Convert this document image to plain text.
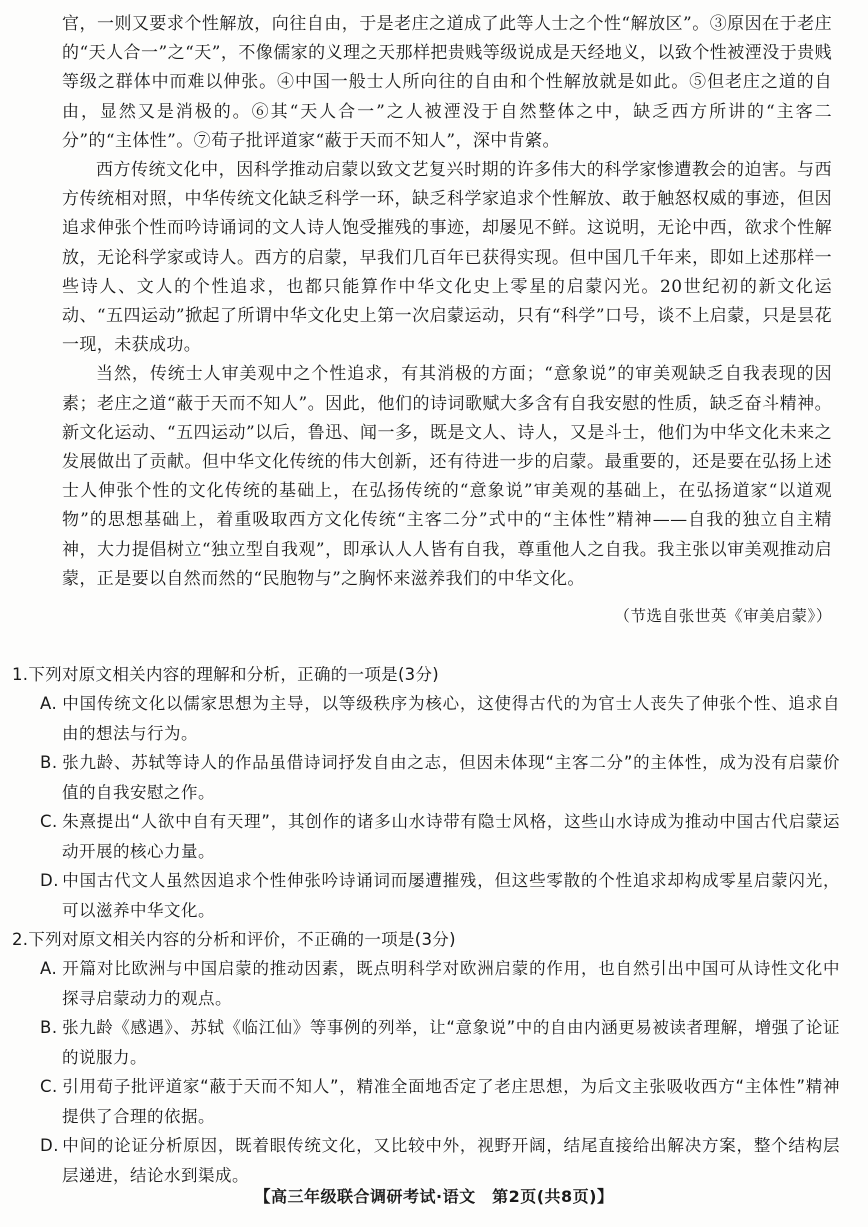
官，一则又要求个性解放，向往自由，于是老庄之道成了此等人士之个性“解放区”。③原因在于老庄的“天人合一”之“天”，不像儒家的义理之天那样把贵贱等级说成是天经地义，以致个性被湮没于贵贱等级之群体中而难以伸张。④中国一般士人所向往的自由和个性解放就是如此。⑤但老庄之道的自由，显然又是消极的。⑥其“天人合一”之人被湮没于自然整体之中，缺乏西方所讲的“主客二分”的“主体性”。⑦荀子批评道家“蔽于天而不知人”，深中肯綮。

西方传统文化中，因科学推动启蒙以致文艺复兴时期的许多伟大的科学家惨遭教会的迫害。与西方传统相对照，中华传统文化缺乏科学一环，缺乏科学家追求个性解放、敢于触怒权威的事迹，但因追求伸张个性而吟诗诵词的文人诗人饱受摧残的事迹，却屡见不鲜。这说明，无论中西，欲求个性解放，无论科学家或诗人。西方的启蒙，早我们几百年已获得实现。但中国几千年来，即如上述那样一些诗人、文人的个性追求，也都只能算作中华文化史上零星的启蒙闪光。20世纪初的新文化运动、“五四运动”掀起了所谓中华文化史上第一次启蒙运动，只有“科学”口号，谈不上启蒙，只是昙花一现，未获成功。

当然，传统士人审美观中之个性追求，有其消极的方面；“意象说”的审美观缺乏自我表现的因素；老庄之道“蔽于天而不知人”。因此，他们的诗词歌赋大多含有自我安慰的性质，缺乏奋斗精神。新文化运动、“五四运动”以后，鲁迅、闻一多，既是文人、诗人，又是斗士，他们为中华文化未来之发展做出了贡献。但中华文化传统的伟大创新，还有待进一步的启蒙。最重要的，还是要在弘扬上述士人伸张个性的文化传统的基础上，在弘扬传统的“意象说”审美观的基础上，在弘扬道家“以道观物”的思想基础上，着重吸取西方文化传统“主客二分”式中的“主体性”精神——自我的独立自主精神，大力提倡树立“独立型自我观”，即承认人人皆有自我，尊重他人之自我。我主张以审美观推动启蒙，正是要以自然而然的“民胞物与”之胸怀来滋养我们的中华文化。

（节选自张世英《审美启蒙》）

1.下列对原文相关内容的理解和分析，正确的一项是(3分)

A. 中国传统文化以儒家思想为主导，以等级秩序为核心，这使得古代的为官士人丧失了伸张个性、追求自由的想法与行为。

B. 张九龄、苏轼等诗人的作品虽借诗词抒发自由之志，但因未体现“主客二分”的主体性，成为没有启蒙价值的自我安慰之作。

C. 朱熹提出“人欲中自有天理”，其创作的诸多山水诗带有隐士风格，这些山水诗成为推动中国古代启蒙运动开展的核心力量。

D. 中国古代文人虽然因追求个性伸张吟诗诵词而屡遭摧残，但这些零散的个性追求却构成零星启蒙闪光，可以滋养中华文化。

2.下列对原文相关内容的分析和评价，不正确的一项是(3分)

A. 开篇对比欧洲与中国启蒙的推动因素，既点明科学对欧洲启蒙的作用，也自然引出中国可从诗性文化中探寻启蒙动力的观点。

B. 张九龄《感遇》、苏轼《临江仙》等事例的列举，让“意象说”中的自由内涵更易被读者理解，增强了论证的说服力。

C. 引用荀子批评道家“蔽于天而不知人”，精准全面地否定了老庄思想，为后文主张吸收西方“主体性”精神提供了合理的依据。

D. 中间的论证分析原因，既着眼传统文化，又比较中外，视野开阔，结尾直接给出解决方案，整个结构层层递进，结论水到渠成。

【高三年级联合调研考试·语文　第2页(共8页)】
